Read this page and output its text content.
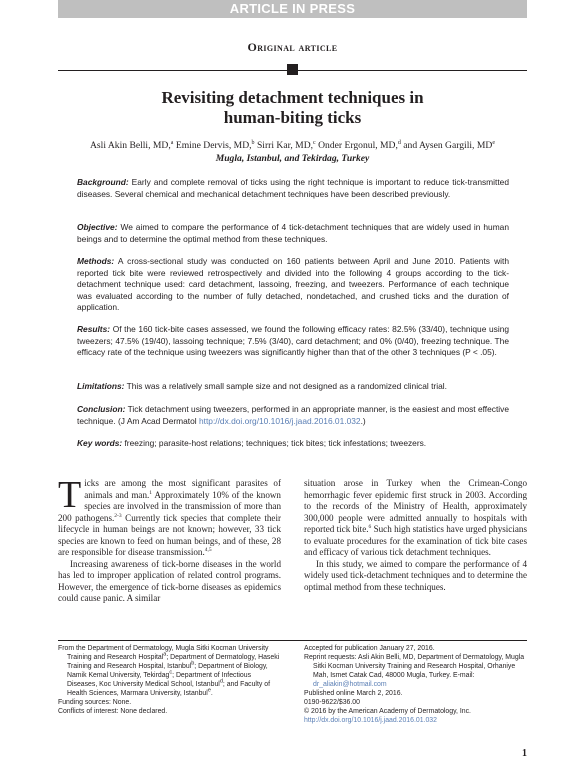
ARTICLE IN PRESS
Original article
Revisiting detachment techniques in
human-biting ticks
Asli Akin Belli, MD,$^a$ Emine Dervis, MD,$^b$ Sirri Kar, MD,$^c$ Onder Ergonul, MD,$^d$ and Aysen Gargili, MDe
Mugla, Istanbul, and Tekirdag, Turkey

Background: Early and complete removal of ticks using the right technique is important to reduce tick-transmitted diseases. Several chemical and mechanical detachment techniques have been described previously.

Objective: We aimed to compare the performance of 4 tick-detachment techniques that are widely used in human beings and to determine the optimal method from these techniques.

Methods: A cross-sectional study was conducted on 160 patients between April and June 2010. Patients with reported tick bite were reviewed retrospectively and divided into the following 4 groups according to the tick-detachment technique used: card detachment, lassoing, freezing, and tweezers. Performance of each technique was evaluated according to the number of fully detached, nondetached, and crushed ticks and the duration of application.

Results: Of the 160 tick-bite cases assessed, we found the following efficacy rates: 82.5% (33/40), technique using tweezers; 47.5% (19/40), lassoing technique; 7.5% (3/40), card detachment; and 0% (0/40), freezing technique. The efficacy rate of the technique using tweezers was significantly higher than that of the other 3 techniques (P < .05).

Limitations: This was a relatively small sample size and not designed as a randomized clinical trial.

Conclusion: Tick detachment using tweezers, performed in an appropriate manner, is the easiest and most effective technique. (J Am Acad Dermatol http://dx.doi.org/10.1016/j.jaad.2016.01.032.)

Key words: freezing; parasite-host relations; techniques; tick bites; tick infestations; tweezers.

Ticks are among the most significant parasites of animals and man.$^1$ Approximately 10% of the known species are involved in the transmission of more than 200 pathogens.$^{2-3}$ Currently tick species that complete their lifecycle in human beings are not known; however, 33 tick species are known to feed on human beings, and of these, 28 are responsible for disease transmission.$^{4,5}$

Increasing awareness of tick-borne diseases in the world has led to improper application of related control programs. However, the emergence of tick-borne diseases as epidemics could cause panic. A similar

situation arose in Turkey when the Crimean-Congo hemorrhagic fever epidemic first struck in 2003. According to the records of the Ministry of Health, approximately 300,000 people were admitted annually to hospitals with reported tick bite.$^6$ Such high statistics have urged physicians to evaluate procedures for the examination of tick bite cases and efficacy of various tick detachment techniques.

In this study, we aimed to compare the performance of 4 widely used tick-detachment techniques and to determine the optimal method from these techniques.

From the Department of Dermatology, Mugla Sitki Kocman University Training and Research Hospital$^a$; Department of Dermatology, Haseki Training and Research Hospital, Istanbul$^b$; Department of Biology, Namik Kemal University, Tekirdag$^c$; Department of Infectious Diseases, Koc University Medical School, Istanbul$^d$; and Faculty of Health Sciences, Marmara University, Istanbul$^e$.
Funding sources: None.
Conflicts of interest: None declared.
Accepted for publication January 27, 2016.
Reprint requests: Asli Akin Belli, MD, Department of Dermatology, Mugla Sitki Kocman University Training and Research Hospital, Orhaniye Mah, Ismet Catak Cad, 48000 Mugla, Turkey. E-mail: dr_aliakin@hotmail.com
Published online March 2, 2016.
0190-9622/$36.00
© 2016 by the American Academy of Dermatology, Inc.
http://dx.doi.org/10.1016/j.jaad.2016.01.032
1
